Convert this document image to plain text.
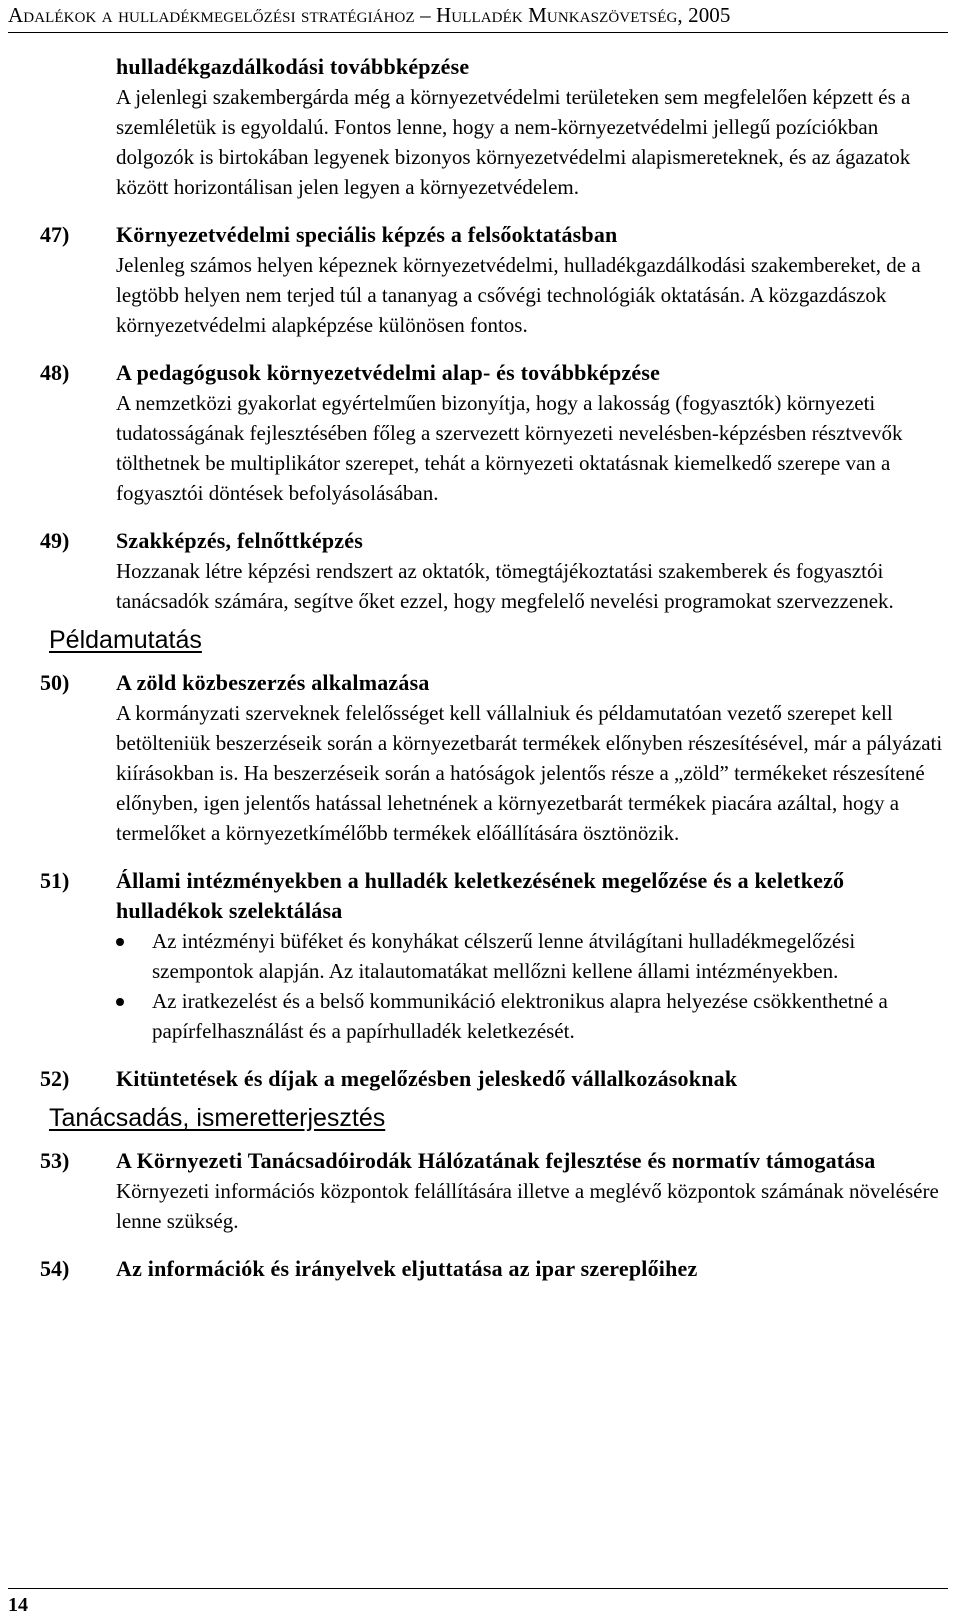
Adalékok a hulladékmegelőzési stratégiához – Hulladék Munkaszövetség, 2005
hulladékgazdálkodási továbbképzése
A jelenlegi szakembergárda még a környezetvédelmi területeken sem megfelelően képzett és a szemléletük is egyoldalú. Fontos lenne, hogy a nem-környezetvédelmi jellegű pozíciókban dolgozók is birtokában legyenek bizonyos környezetvédelmi alapismereteknek, és az ágazatok között horizontálisan jelen legyen a környezetvédelem.
47) Környezetvédelmi speciális képzés a felsőoktatásban
Jelenleg számos helyen képeznek környezetvédelmi, hulladékgazdálkodási szakembereket, de a legtöbb helyen nem terjed túl a tananyag a csővégi technológiák oktatásán. A közgazdászok környezetvédelmi alapképzése különösen fontos.
48) A pedagógusok környezetvédelmi alap- és továbbképzése
A nemzetközi gyakorlat egyértelműen bizonyítja, hogy a lakosság (fogyasztók) környezeti tudatosságának fejlesztésében főleg a szervezett környezeti nevelésben-képzésben résztvevők tölthetnek be multiplikátor szerepet, tehát a környezeti oktatásnak kiemelkedő szerepe van a fogyasztói döntések befolyásolásában.
49) Szakképzés, felnőttképzés
Hozzanak létre képzési rendszert az oktatók, tömegtájékoztatási szakemberek és fogyasztói tanácsadók számára, segítve őket ezzel, hogy megfelelő nevelési programokat szervezzenek.
Példamutatás
50) A zöld közbeszerzés alkalmazása
A kormányzati szerveknek felelősséget kell vállalniuk és példamutatóan vezető szerepet kell betölteniük beszerzéseik során a környezetbarát termékek előnyben részesítésével, már a pályázati kiírásokban is. Ha beszerzéseik során a hatóságok jelentős része a „zöld” termékeket részesítené előnyben, igen jelentős hatással lehetnének a környezetbarát termékek piacára azáltal, hogy a termelőket a környezetkímélőbb termékek előállítására ösztönözik.
51) Állami intézményekben a hulladék keletkezésének megelőzése és a keletkező hulladékok szelektálása
Az intézményi büféket és konyhákat célszerű lenne átvilágítani hulladékmegelőzési szempontok alapján. Az italautomatákat mellőzni kellene állami intézményekben.
Az iratkezelést és a belső kommunikáció elektronikus alapra helyezése csökkenthetné a papírfelhasználást és a papírhulladék keletkezését.
52) Kitüntetések és díjak a megelőzésben jeleskedő vállalkozásoknak
Tanácsadás, ismeretterjesztés
53) A Környezeti Tanácsadóirodák Hálózatának fejlesztése és normatív támogatása
Környezeti információs központok felállítására illetve a meglévő központok számának növelésére lenne szükség.
54) Az információk és irányelvek eljuttatása az ipar szereplőihez
14
